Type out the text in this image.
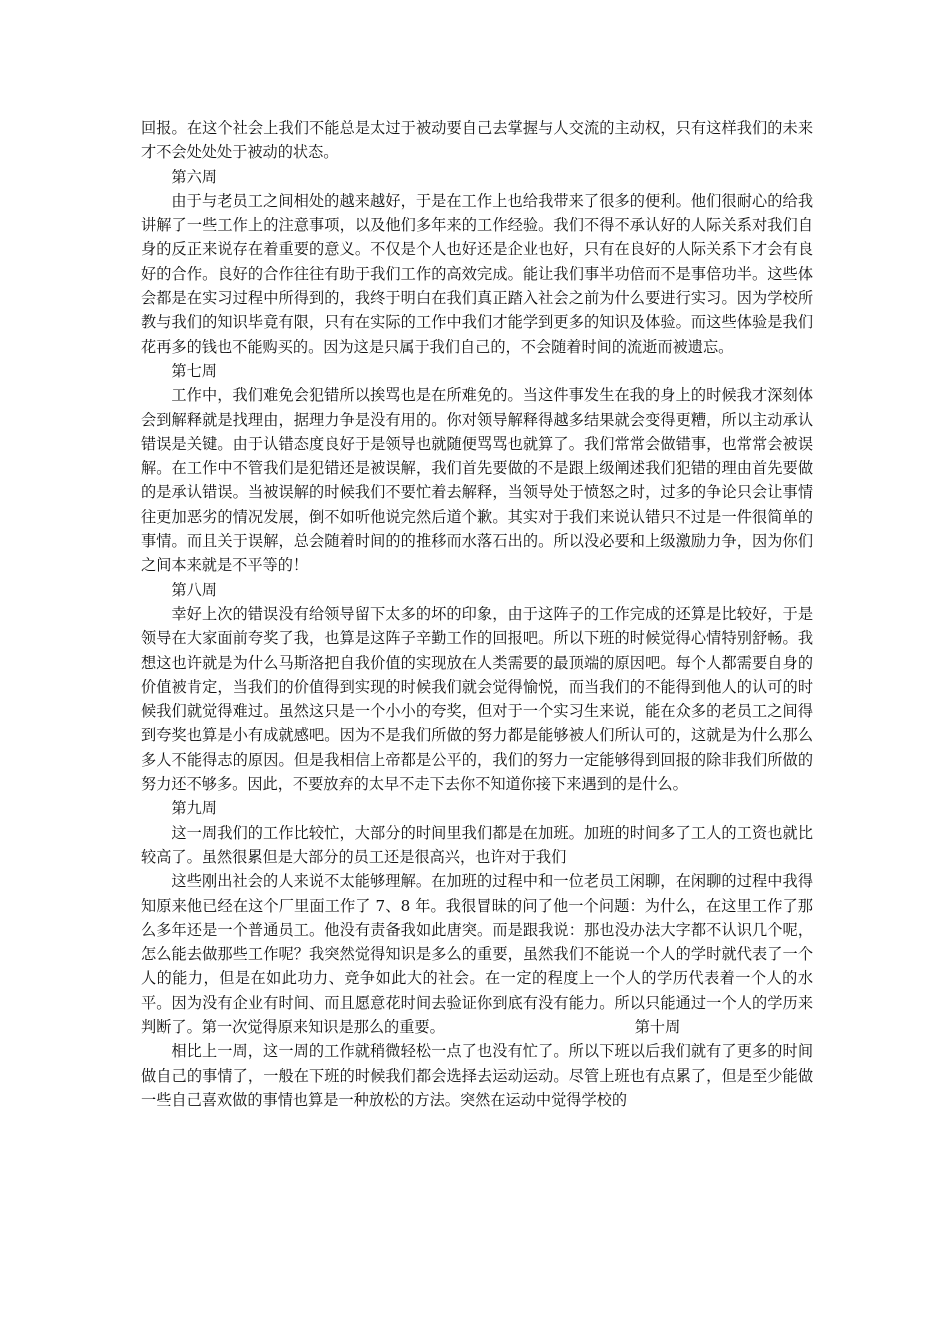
回报。在这个社会上我们不能总是太过于被动要自己去掌握与人交流的主动权，只有这样我们的未来才不会处处处于被动的状态。

第六周

由于与老员工之间相处的越来越好，于是在工作上也给我带来了很多的便利。他们很耐心的给我讲解了一些工作上的注意事项，以及他们多年来的工作经验。我们不得不承认好的人际关系对我们自身的反正来说存在着重要的意义。不仅是个人也好还是企业也好，只有在良好的人际关系下才会有良好的合作。良好的合作往往有助于我们工作的高效完成。能让我们事半功倍而不是事倍功半。这些体会都是在实习过程中所得到的，我终于明白在我们真正踏入社会之前为什么要进行实习。因为学校所教与我们的知识毕竟有限，只有在实际的工作中我们才能学到更多的知识及体验。而这些体验是我们花再多的钱也不能购买的。因为这是只属于我们自己的，不会随着时间的流逝而被遗忘。

第七周

工作中，我们难免会犯错所以挨骂也是在所难免的。当这件事发生在我的身上的时候我才深刻体会到解释就是找理由，据理力争是没有用的。你对领导解释得越多结果就会变得更糟，所以主动承认错误是关键。由于认错态度良好于是领导也就随便骂骂也就算了。我们常常会做错事，也常常会被误解。在工作中不管我们是犯错还是被误解，我们首先要做的不是跟上级阐述我们犯错的理由首先要做的是承认错误。当被误解的时候我们不要忙着去解释，当领导处于愤怒之时，过多的争论只会让事情往更加恶劣的情况发展，倒不如听他说完然后道个歉。其实对于我们来说认错只不过是一件很简单的事情。而且关于误解，总会随着时间的的推移而水落石出的。所以没必要和上级激励力争，因为你们之间本来就是不平等的！

第八周

幸好上次的错误没有给领导留下太多的坏的印象，由于这阵子的工作完成的还算是比较好，于是领导在大家面前夸奖了我，也算是这阵子辛勤工作的回报吧。所以下班的时候觉得心情特别舒畅。我想这也许就是为什么马斯洛把自我价值的实现放在人类需要的最顶端的原因吧。每个人都需要自身的价值被肯定，当我们的价值得到实现的时候我们就会觉得愉悦，而当我们的不能得到他人的认可的时候我们就觉得难过。虽然这只是一个小小的夸奖，但对于一个实习生来说，能在众多的老员工之间得到夸奖也算是小有成就感吧。因为不是我们所做的努力都是能够被人们所认可的，这就是为什么那么多人不能得志的原因。但是我相信上帝都是公平的，我们的努力一定能够得到回报的除非我们所做的努力还不够多。因此，不要放弃的太早不走下去你不知道你接下来遇到的是什么。

第九周

这一周我们的工作比较忙，大部分的时间里我们都是在加班。加班的时间多了工人的工资也就比较高了。虽然很累但是大部分的员工还是很高兴，也许对于我们

这些刚出社会的人来说不太能够理解。在加班的过程中和一位老员工闲聊，在闲聊的过程中我得知原来他已经在这个厂里面工作了 7、8 年。我很冒昧的问了他一个问题：为什么，在这里工作了那么多年还是一个普通员工。他没有责备我如此唐突。而是跟我说：那也没办法大字都不认识几个呢，怎么能去做那些工作呢？我突然觉得知识是多么的重要，虽然我们不能说一个人的学时就代表了一个人的能力，但是在如此功力、竞争如此大的社会。在一定的程度上一个人的学历代表着一个人的水平。因为没有企业有时间、而且愿意花时间去验证你到底有没有能力。所以只能通过一个人的学历来判断了。第一次觉得原来知识是那么的重要。	第十周

相比上一周，这一周的工作就稍微轻松一点了也没有忙了。所以下班以后我们就有了更多的时间做自己的事情了，一般在下班的时候我们都会选择去运动运动。尽管上班也有点累了，但是至少能做一些自己喜欢做的事情也算是一种放松的方法。突然在运动中觉得学校的
